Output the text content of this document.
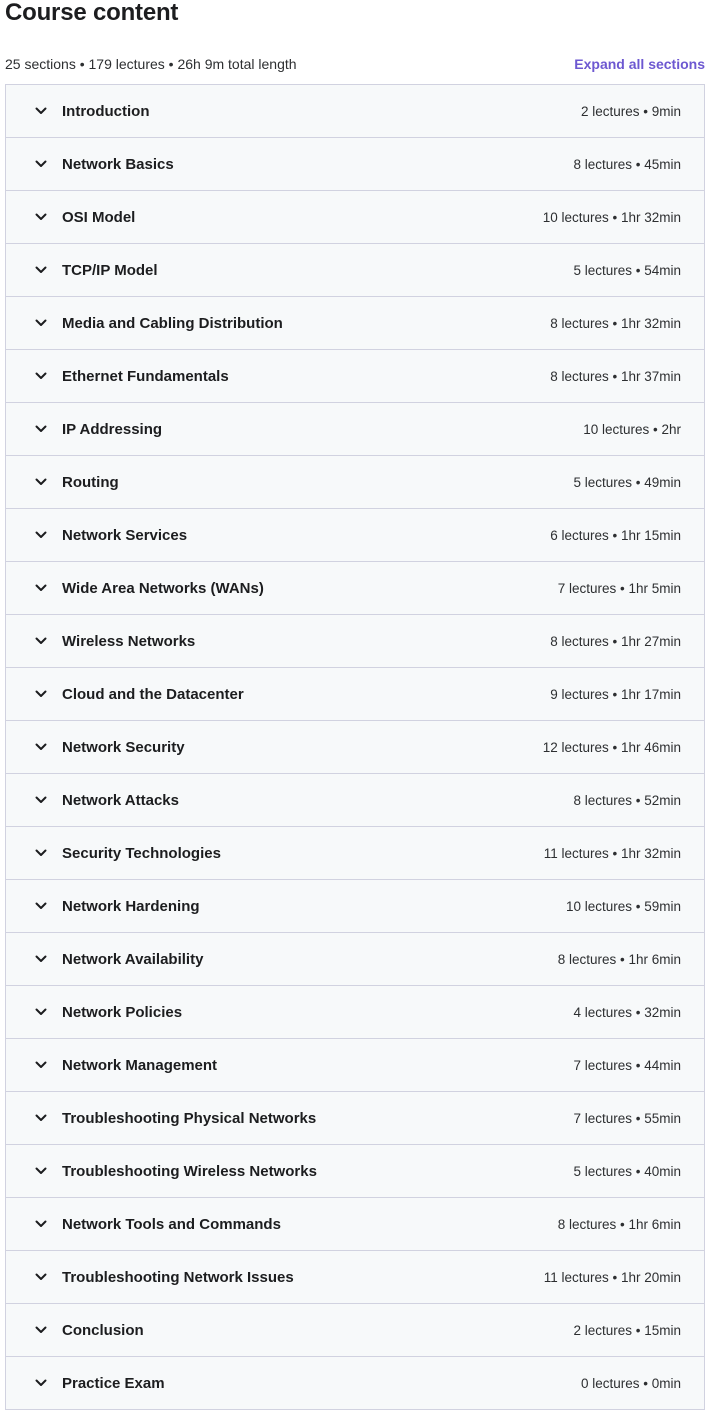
Course content
25 sections • 179 lectures • 26h 9m total length	Expand all sections
Introduction	2 lectures • 9min
Network Basics	8 lectures • 45min
OSI Model	10 lectures • 1hr 32min
TCP/IP Model	5 lectures • 54min
Media and Cabling Distribution	8 lectures • 1hr 32min
Ethernet Fundamentals	8 lectures • 1hr 37min
IP Addressing	10 lectures • 2hr
Routing	5 lectures • 49min
Network Services	6 lectures • 1hr 15min
Wide Area Networks (WANs)	7 lectures • 1hr 5min
Wireless Networks	8 lectures • 1hr 27min
Cloud and the Datacenter	9 lectures • 1hr 17min
Network Security	12 lectures • 1hr 46min
Network Attacks	8 lectures • 52min
Security Technologies	11 lectures • 1hr 32min
Network Hardening	10 lectures • 59min
Network Availability	8 lectures • 1hr 6min
Network Policies	4 lectures • 32min
Network Management	7 lectures • 44min
Troubleshooting Physical Networks	7 lectures • 55min
Troubleshooting Wireless Networks	5 lectures • 40min
Network Tools and Commands	8 lectures • 1hr 6min
Troubleshooting Network Issues	11 lectures • 1hr 20min
Conclusion	2 lectures • 15min
Practice Exam	0 lectures • 0min
